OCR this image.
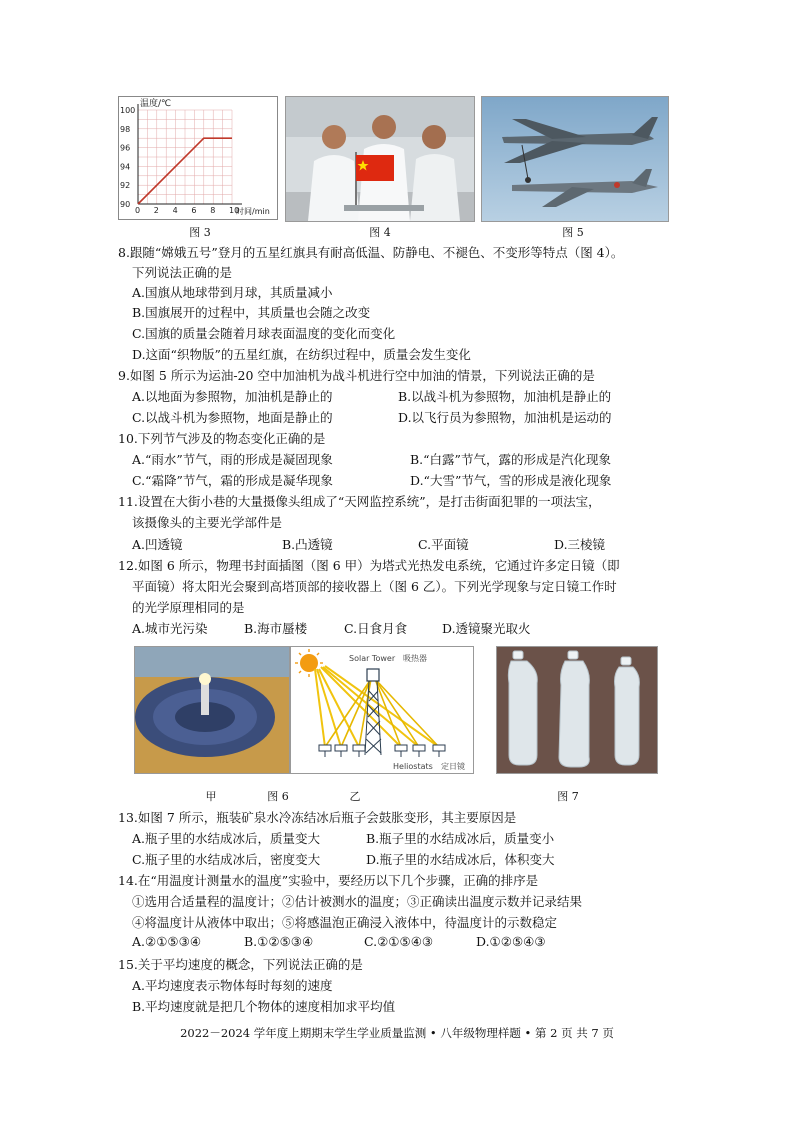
0 2 4 6 8 10
90
92
94
96
98
100
温度/℃
时间/min
图 3	图 4	图 5
8.跟随“嫦娥五号”登月的五星红旗具有耐高低温、防静电、不褪色、不变形等特点（图 4）。
下列说法正确的是
A.国旗从地球带到月球，其质量减小
B.国旗展开的过程中，其质量也会随之改变
C.国旗的质量会随着月球表面温度的变化而变化
D.这面“织物版”的五星红旗，在纺织过程中，质量会发生变化
9.如图 5 所示为运油-20 空中加油机为战斗机进行空中加油的情景，下列说法正确的是
A.以地面为参照物，加油机是静止的	B.以战斗机为参照物，加油机是静止的
C.以战斗机为参照物，地面是静止的	D.以飞行员为参照物，加油机是运动的
10.下列节气涉及的物态变化正确的是
A.“雨水”节气，雨的形成是凝固现象	B.“白露”节气，露的形成是汽化现象
C.“霜降”节气，霜的形成是凝华现象	D.“大雪”节气，雪的形成是液化现象
11.设置在大街小巷的大量摄像头组成了“天网监控系统”，是打击街面犯罪的一项法宝，
该摄像头的主要光学部件是
A.凹透镜	B.凸透镜	C.平面镜	D.三棱镜
12.如图 6 所示，物理书封面插图（图 6 甲）为塔式光热发电系统，它通过许多定日镜（即
平面镜）将太阳光会聚到高塔顶部的接收器上（图 6 乙）。下列光学现象与定日镜工作时
的光学原理相同的是
A.城市光污染	B.海市蜃楼	C.日食月食	D.透镜聚光取火
甲
Solar Tower 吸热器
Heliostats 定日镜
图 6	乙	图 7
13.如图 7 所示，瓶装矿泉水冷冻结冰后瓶子会鼓胀变形，其主要原因是
A.瓶子里的水结成冰后，质量变大	B.瓶子里的水结成冰后，质量变小
C.瓶子里的水结成冰后，密度变大	D.瓶子里的水结成冰后，体积变大
14.在“用温度计测量水的温度”实验中，要经历以下几个步骤，正确的排序是
①选用合适量程的温度计；②估计被测水的温度；③正确读出温度示数并记录结果
④将温度计从液体中取出；⑤将感温泡正确浸入液体中，待温度计的示数稳定
A.②①⑤③④	B.①②⑤③④	C.②①⑤④③	D.①②⑤④③
15.关于平均速度的概念，下列说法正确的是
A.平均速度表示物体每时每刻的速度
B.平均速度就是把几个物体的速度相加求平均值
2022－2024 学年度上期期末学生学业质量监测 • 八年级物理样题 • 第 2 页 共 7 页
